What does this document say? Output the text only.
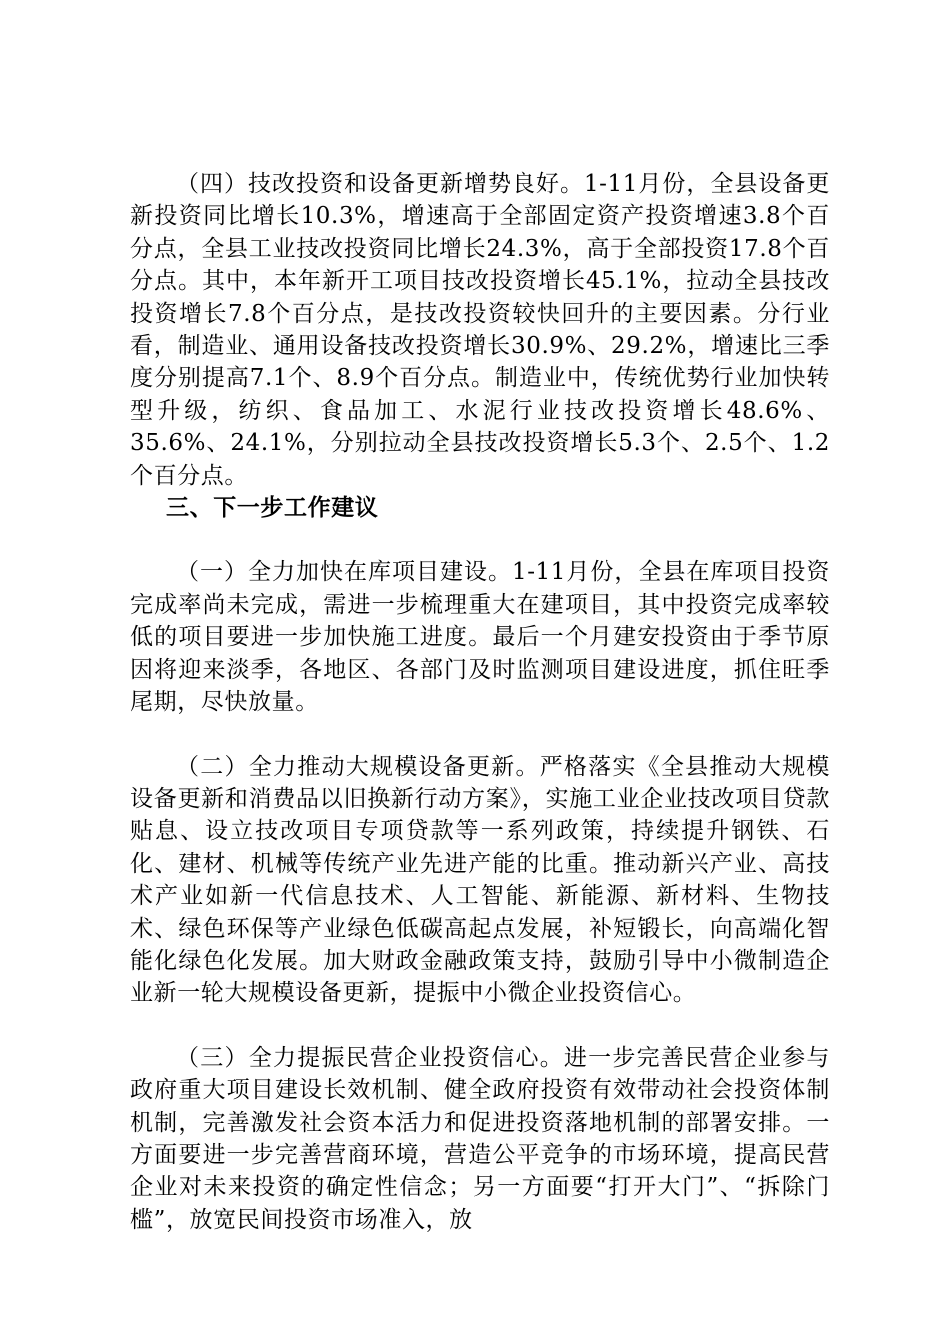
（四）技改投资和设备更新增势良好。1-11月份，全县设备更新投资同比增长10.3%，增速高于全部固定资产投资增速3.8个百分点，全县工业技改投资同比增长24.3%，高于全部投资17.8个百分点。其中，本年新开工项目技改投资增长45.1%，拉动全县技改投资增长7.8个百分点，是技改投资较快回升的主要因素。分行业看，制造业、通用设备技改投资增长30.9%、29.2%，增速比三季度分别提高7.1个、8.9个百分点。制造业中，传统优势行业加快转型升级，纺织、食品加工、水泥行业技改投资增长48.6%、35.6%、24.1%，分别拉动全县技改投资增长5.3个、2.5个、1.2个百分点。

三、下一步工作建议

（一）全力加快在库项目建设。1-11月份，全县在库项目投资完成率尚未完成，需进一步梳理重大在建项目，其中投资完成率较低的项目要进一步加快施工进度。最后一个月建安投资由于季节原因将迎来淡季，各地区、各部门及时监测项目建设进度，抓住旺季尾期，尽快放量。

（二）全力推动大规模设备更新。严格落实《全县推动大规模设备更新和消费品以旧换新行动方案》，实施工业企业技改项目贷款贴息、设立技改项目专项贷款等一系列政策，持续提升钢铁、石化、建材、机械等传统产业先进产能的比重。推动新兴产业、高技术产业如新一代信息技术、人工智能、新能源、新材料、生物技术、绿色环保等产业绿色低碳高起点发展，补短锻长，向高端化智能化绿色化发展。加大财政金融政策支持，鼓励引导中小微制造企业新一轮大规模设备更新，提振中小微企业投资信心。

（三）全力提振民营企业投资信心。进一步完善民营企业参与政府重大项目建设长效机制、健全政府投资有效带动社会投资体制机制，完善激发社会资本活力和促进投资落地机制的部署安排。一方面要进一步完善营商环境，营造公平竞争的市场环境，提高民营企业对未来投资的确定性信念；另一方面要“打开大门”、“拆除门槛”，放宽民间投资市场准入，放
